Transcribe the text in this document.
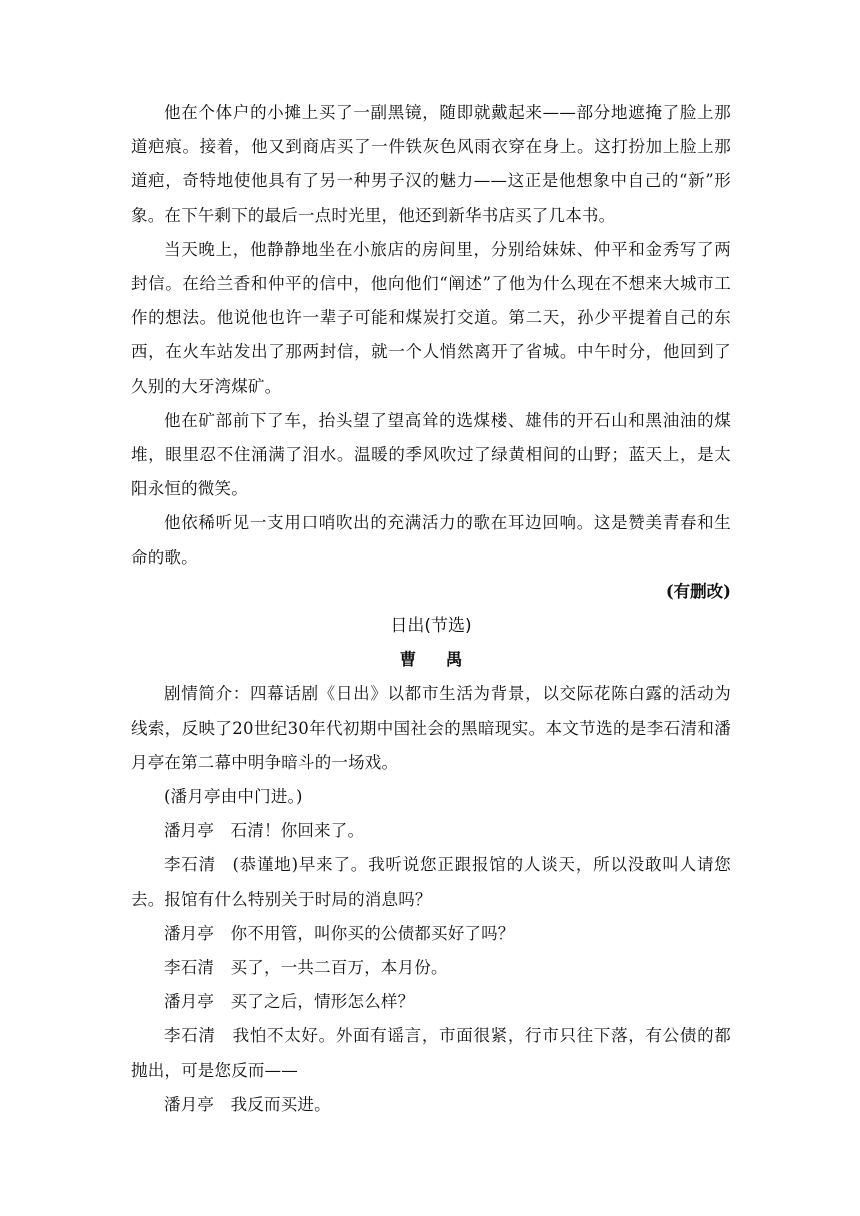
他在个体户的小摊上买了一副黑镜，随即就戴起来——部分地遮掩了脸上那道疤痕。接着，他又到商店买了一件铁灰色风雨衣穿在身上。这打扮加上脸上那道疤，奇特地使他具有了另一种男子汉的魅力——这正是他想象中自己的“新”形象。在下午剩下的最后一点时光里，他还到新华书店买了几本书。

当天晚上，他静静地坐在小旅店的房间里，分别给妹妹、仲平和金秀写了两封信。在给兰香和仲平的信中，他向他们“阐述”了他为什么现在不想来大城市工作的想法。他说他也许一辈子可能和煤炭打交道。第二天，孙少平提着自己的东西，在火车站发出了那两封信，就一个人悄然离开了省城。中午时分，他回到了久别的大牙湾煤矿。

他在矿部前下了车，抬头望了望高耸的选煤楼、雄伟的开石山和黑油油的煤堆，眼里忍不住涌满了泪水。温暖的季风吹过了绿黄相间的山野；蓝天上，是太阳永恒的微笑。

他依稀听见一支用口哨吹出的充满活力的歌在耳边回响。这是赞美青春和生命的歌。

(有删改)

日出(节选)

曹 禺

剧情简介：四幕话剧《日出》以都市生活为背景，以交际花陈白露的活动为线索，反映了20世纪30年代初期中国社会的黑暗现实。本文节选的是李石清和潘月亭在第二幕中明争暗斗的一场戏。

(潘月亭由中门进。)

潘月亭 石清！你回来了。

李石清 (恭谨地)早来了。我听说您正跟报馆的人谈天，所以没敢叫人请您去。报馆有什么特别关于时局的消息吗？

潘月亭 你不用管，叫你买的公债都买好了吗？

李石清 买了，一共二百万，本月份。

潘月亭 买了之后，情形怎么样？

李石清 我怕不太好。外面有谣言，市面很紧，行市只往下落，有公债的都抛出，可是您反而——

潘月亭 我反而买进。
